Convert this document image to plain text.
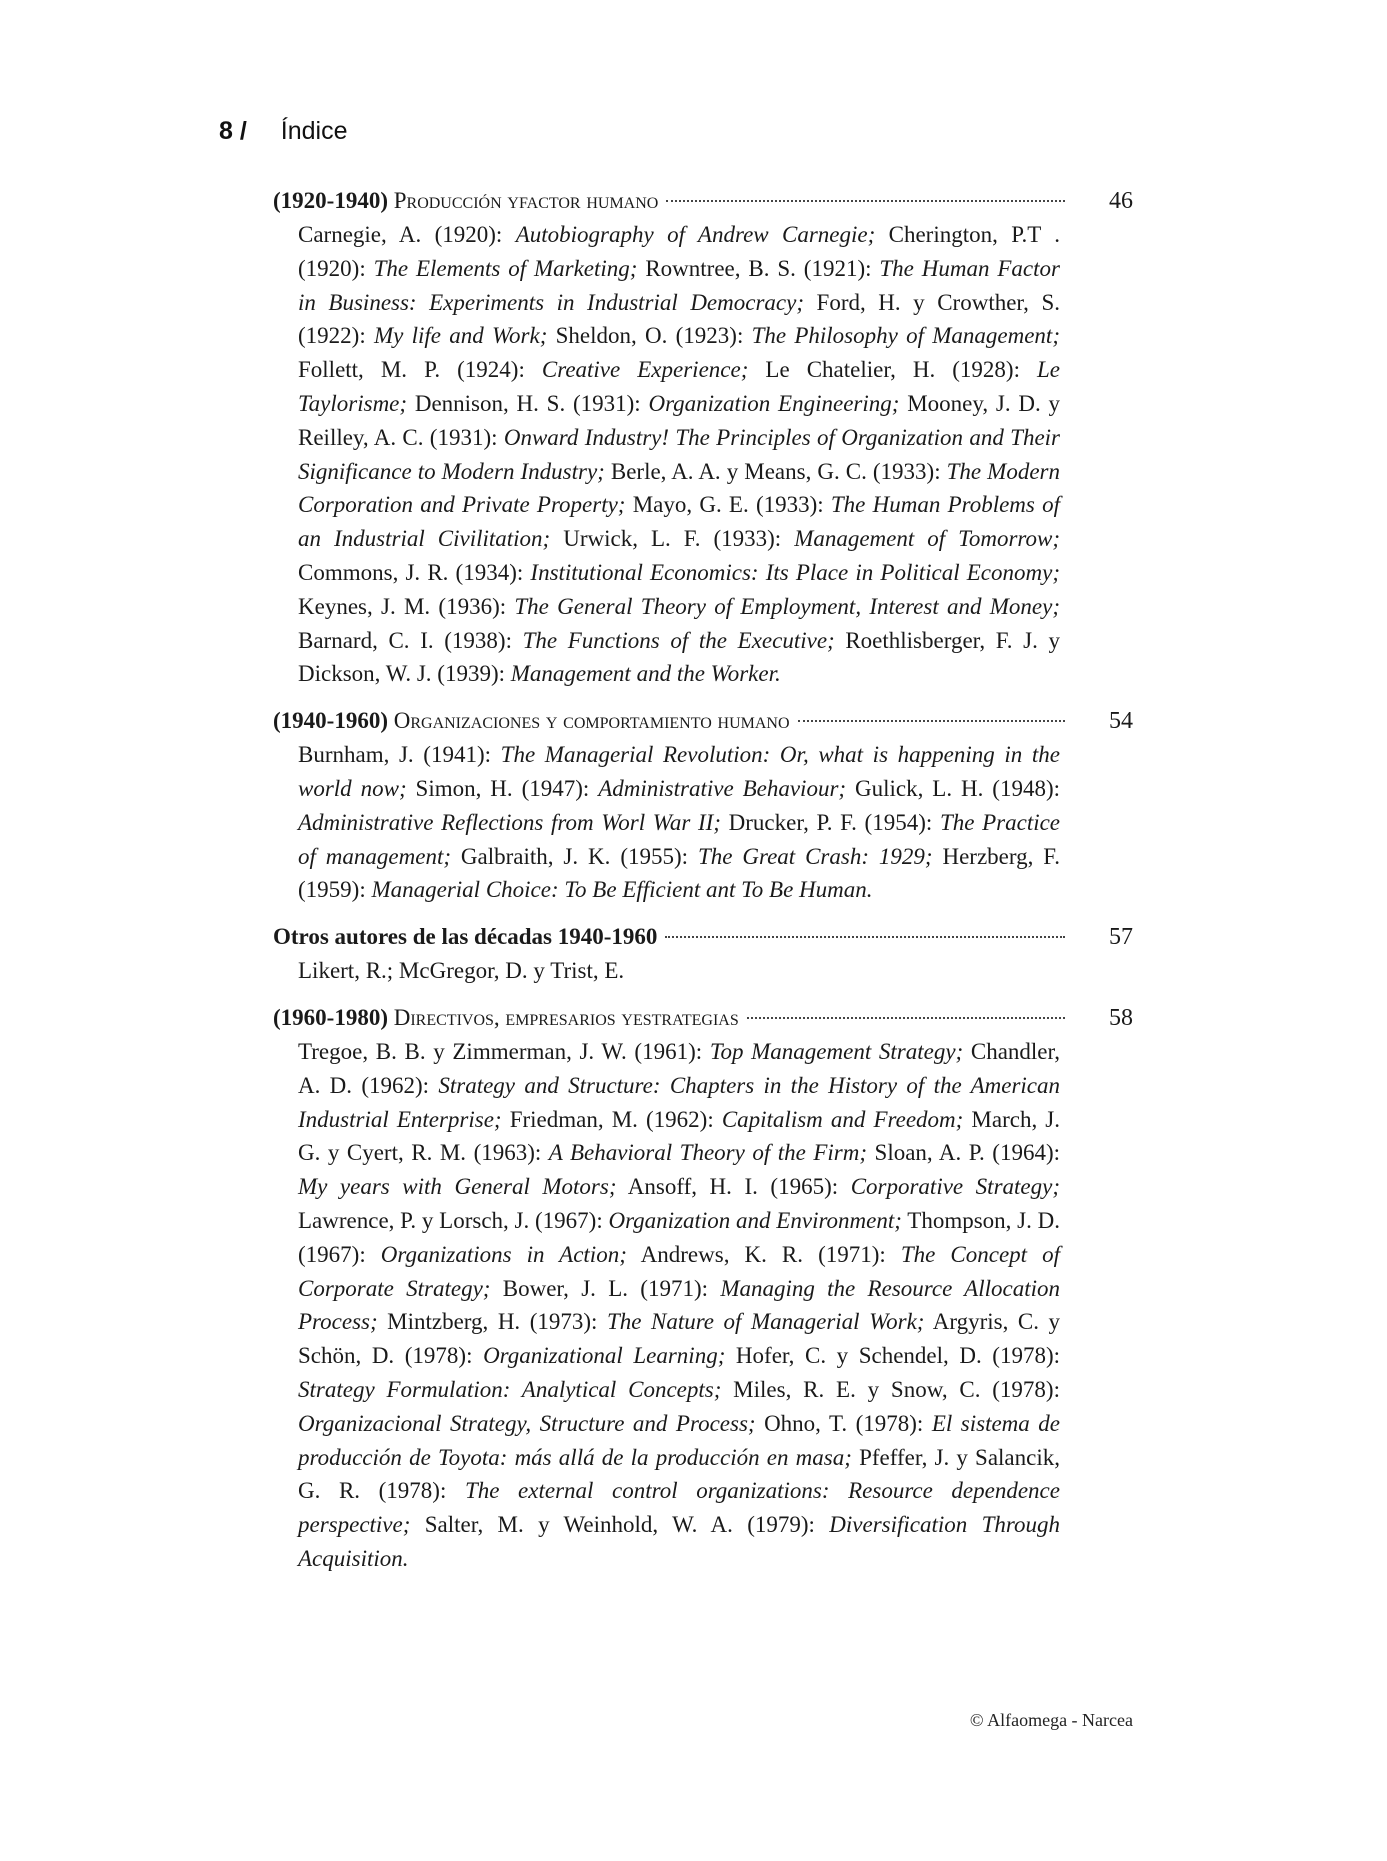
8 / Índice
(1920-1940) Producción yfactor humano	46
Carnegie, A. (1920): Autobiography of Andrew Carnegie; Cherington, P.T . (1920): The Elements of Marketing; Rowntree, B. S. (1921): The Human Factor in Business: Experiments in Industrial Democracy; Ford, H. y Crowther, S. (1922): My life and Work; Sheldon, O. (1923): The Philosophy of Management; Follett, M. P. (1924): Creative Experience; Le Chatelier, H. (1928): Le Taylorisme; Dennison, H. S. (1931): Organization Engineering; Mooney, J. D. y Reilley, A. C. (1931): Onward Industry! The Principles of Organization and Their Significance to Modern Industry; Berle, A. A. y Means, G. C. (1933): The Modern Corporation and Private Property; Mayo, G. E. (1933): The Human Problems of an Industrial Civilitation; Urwick, L. F. (1933): Management of Tomorrow; Commons, J. R. (1934): Institutional Economics: Its Place in Political Economy; Keynes, J. M. (1936): The General Theory of Employment, Interest and Money; Barnard, C. I. (1938): The Functions of the Executive; Roethlisberger, F. J. y Dickson, W. J. (1939): Management and the Worker.
(1940-1960) Organizaciones y comportamiento humano	54
Burnham, J. (1941): The Managerial Revolution: Or, what is happening in the world now; Simon, H. (1947): Administrative Behaviour; Gulick, L. H. (1948): Administrative Reflections from Worl War II; Drucker, P. F. (1954): The Practice of management; Galbraith, J. K. (1955): The Great Crash: 1929; Herzberg, F. (1959): Managerial Choice: To Be Efficient ant To Be Human.
Otros autores de las décadas 1940-1960	57
Likert, R.; McGregor, D. y Trist, E.
(1960-1980) Directivos, empresarios yestrategias	58
Tregoe, B. B. y Zimmerman, J. W. (1961): Top Management Strategy; Chandler, A. D. (1962): Strategy and Structure: Chapters in the History of the American Industrial Enterprise; Friedman, M. (1962): Capitalism and Freedom; March, J. G. y Cyert, R. M. (1963): A Behavioral Theory of the Firm; Sloan, A. P. (1964): My years with General Motors; Ansoff, H. I. (1965): Corporative Strategy; Lawrence, P. y Lorsch, J. (1967): Organization and Environment; Thompson, J. D. (1967): Organizations in Action; Andrews, K. R. (1971): The Concept of Corporate Strategy; Bower, J. L. (1971): Managing the Resource Allocation Process; Mintzberg, H. (1973): The Nature of Managerial Work; Argyris, C. y Schön, D. (1978): Organizational Learning; Hofer, C. y Schendel, D. (1978): Strategy Formulation: Analytical Concepts; Miles, R. E. y Snow, C. (1978): Organizacional Strategy, Structure and Process; Ohno, T. (1978): El sistema de producción de Toyota: más allá de la producción en masa; Pfeffer, J. y Salancik, G. R. (1978): The external control organizations: Resource dependence perspective; Salter, M. y Weinhold, W. A. (1979): Diversification Through Acquisition.
© Alfaomega - Narcea
